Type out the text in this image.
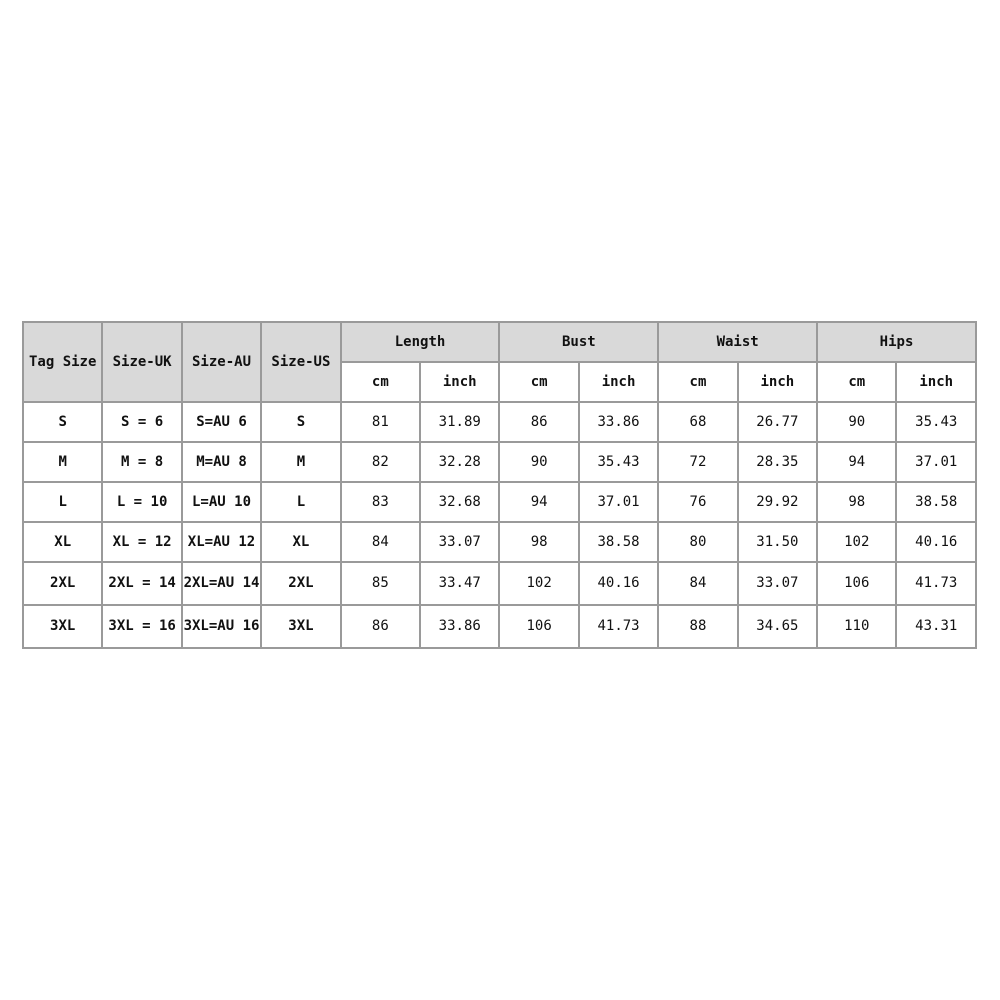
Tag Size	Size-UK	Size-AU	Size-US	Length		Bust		Waist		Hips	
				cm	inch	cm	inch	cm	inch	cm	inch
S	S = 6	S=AU 6	S	81	31.89	86	33.86	68	26.77	90	35.43
M	M = 8	M=AU 8	M	82	32.28	90	35.43	72	28.35	94	37.01
L	L = 10	L=AU 10	L	83	32.68	94	37.01	76	29.92	98	38.58
XL	XL = 12	XL=AU 12	XL	84	33.07	98	38.58	80	31.50	102	40.16
2XL	2XL = 14	2XL=AU 14	2XL	85	33.47	102	40.16	84	33.07	106	41.73
3XL	3XL = 16	3XL=AU 16	3XL	86	33.86	106	41.73	88	34.65	110	43.31
